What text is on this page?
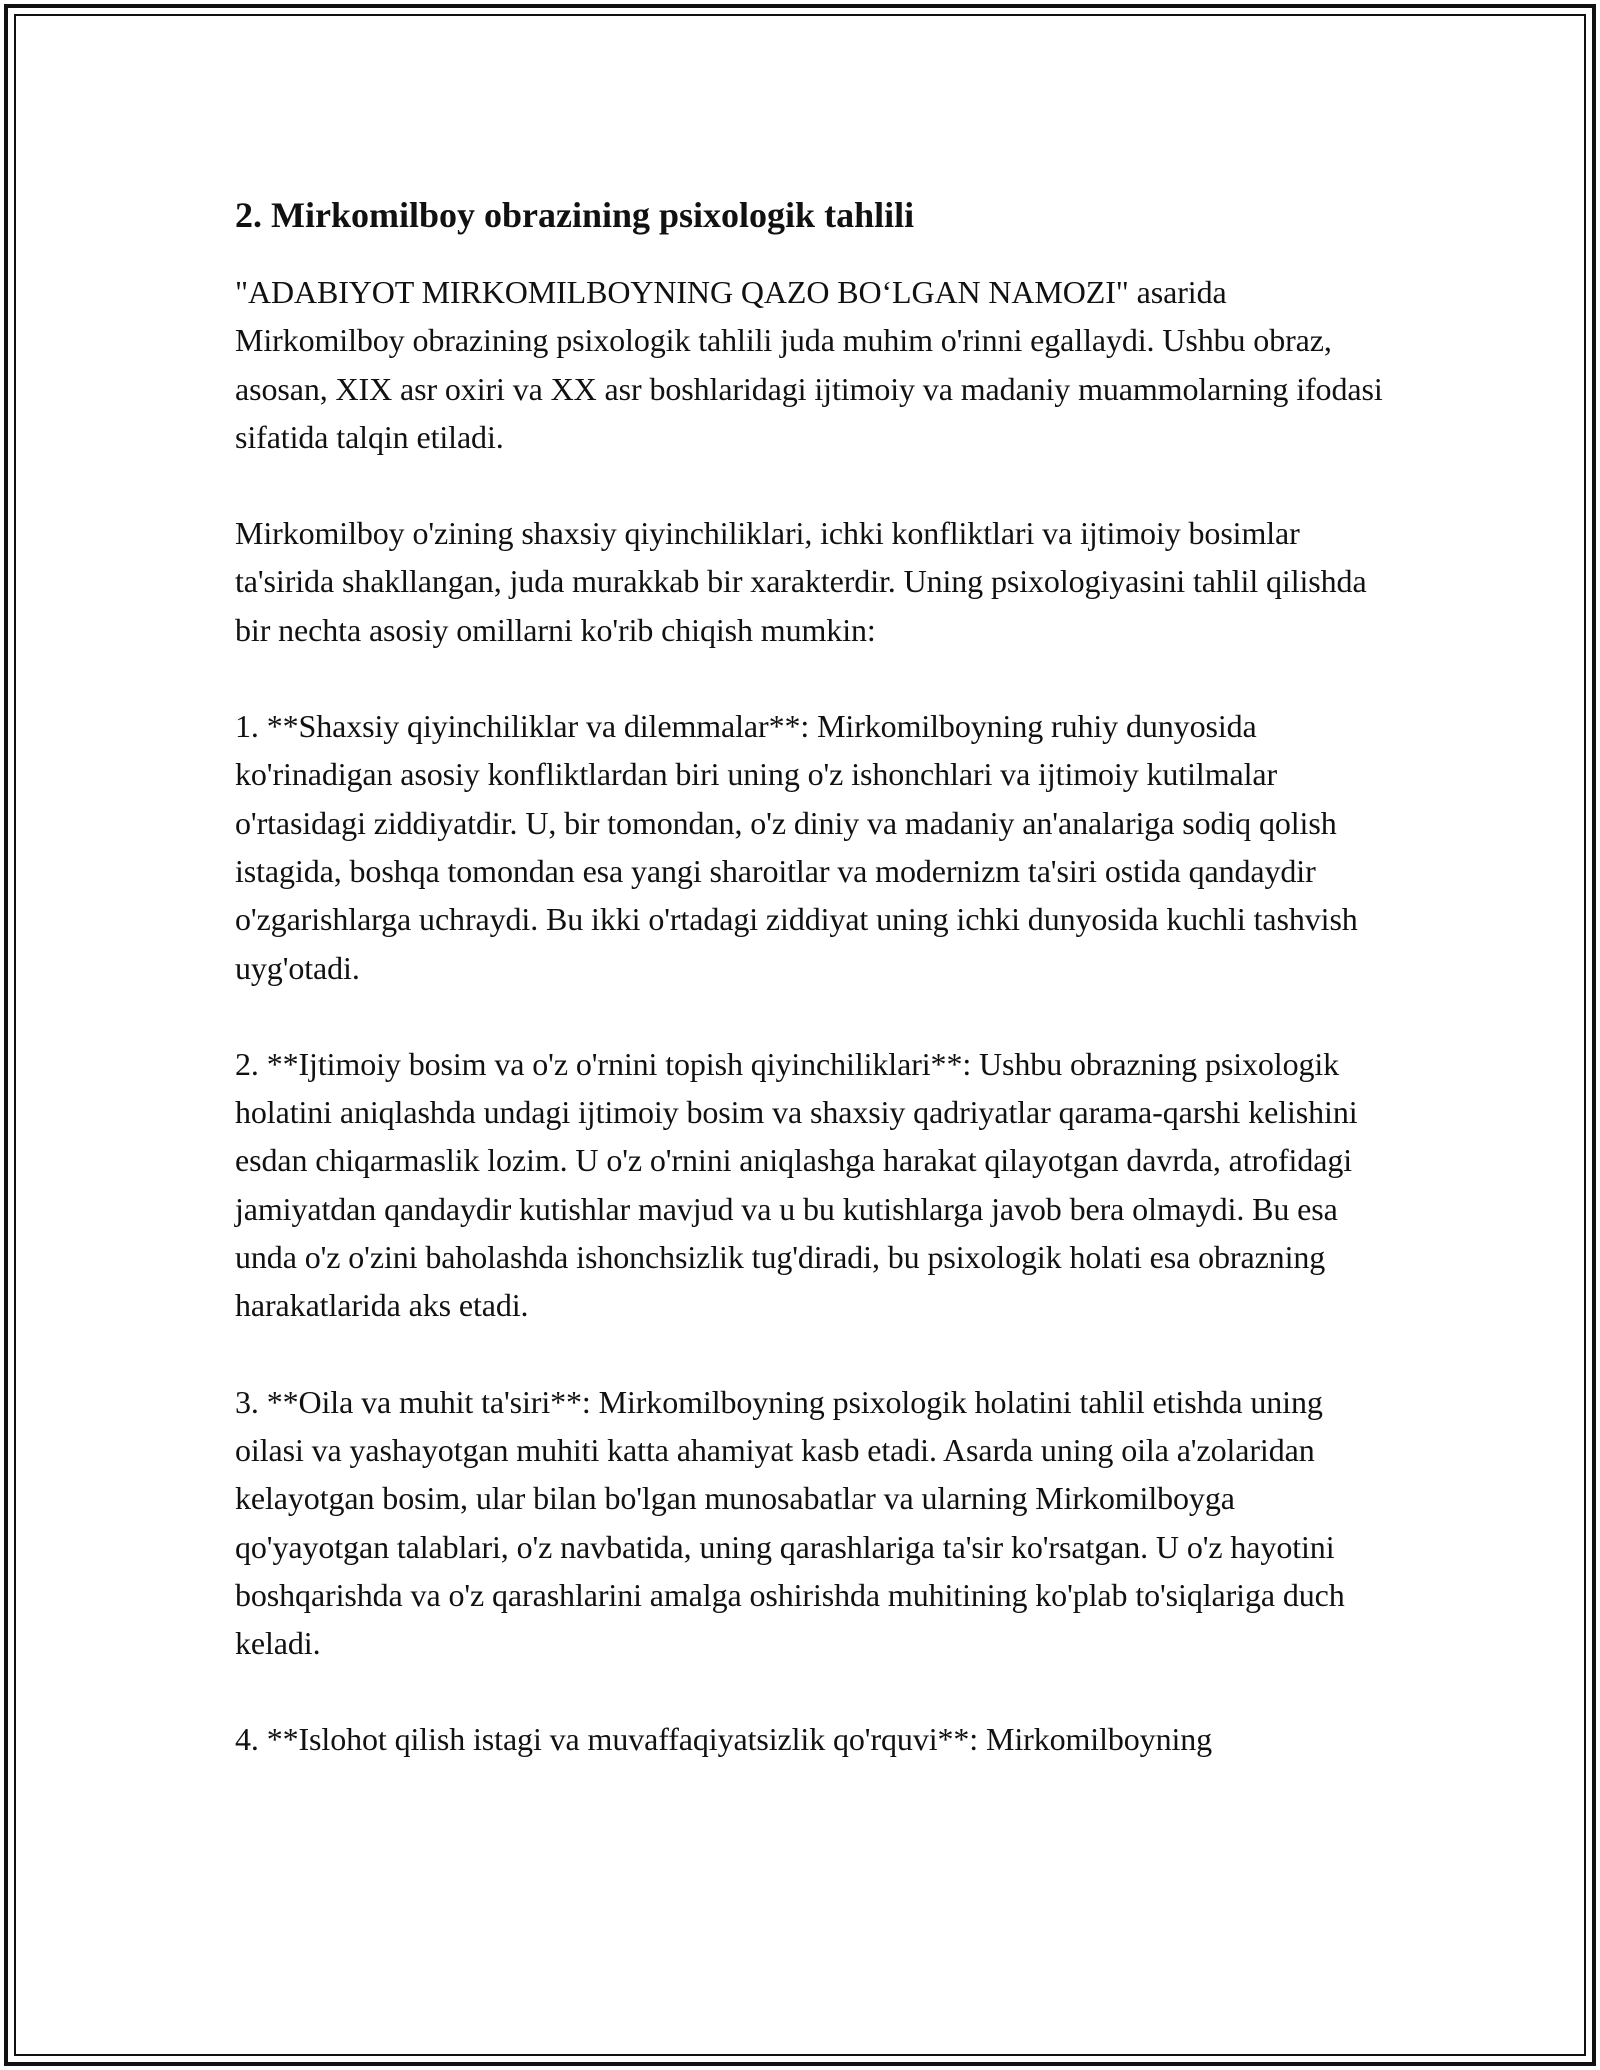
2. Mirkomilboy obrazining psixologik tahlili

"ADABIYOT MIRKOMILBOYNING QAZO BO‘LGAN NAMOZI" asarida Mirkomilboy obrazining psixologik tahlili juda muhim o'rinni egallaydi. Ushbu obraz, asosan, XIX asr oxiri va XX asr boshlaridagi ijtimoiy va madaniy muammolarning ifodasi sifatida talqin etiladi.

Mirkomilboy o'zining shaxsiy qiyinchiliklari, ichki konfliktlari va ijtimoiy bosimlar ta'sirida shakllangan, juda murakkab bir xarakterdir. Uning psixologiyasini tahlil qilishda bir nechta asosiy omillarni ko'rib chiqish mumkin:

1. **Shaxsiy qiyinchiliklar va dilemmalar**: Mirkomilboyning ruhiy dunyosida ko'rinadigan asosiy konfliktlardan biri uning o'z ishonchlari va ijtimoiy kutilmalar o'rtasidagi ziddiyatdir. U, bir tomondan, o'z diniy va madaniy an'analariga sodiq qolish istagida, boshqa tomondan esa yangi sharoitlar va modernizm ta'siri ostida qandaydir o'zgarishlarga uchraydi. Bu ikki o'rtadagi ziddiyat uning ichki dunyosida kuchli tashvish uyg'otadi.

2. **Ijtimoiy bosim va o'z o'rnini topish qiyinchiliklari**: Ushbu obrazning psixologik holatini aniqlashda undagi ijtimoiy bosim va shaxsiy qadriyatlar qarama-qarshi kelishini esdan chiqarmaslik lozim. U o'z o'rnini aniqlashga harakat qilayotgan davrda, atrofidagi jamiyatdan qandaydir kutishlar mavjud va u bu kutishlarga javob bera olmaydi. Bu esa unda o'z o'zini baholashda ishonchsizlik tug'diradi, bu psixologik holati esa obrazning harakatlarida aks etadi.

3. **Oila va muhit ta'siri**: Mirkomilboyning psixologik holatini tahlil etishda uning oilasi va yashayotgan muhiti katta ahamiyat kasb etadi. Asarda uning oila a'zolaridan kelayotgan bosim, ular bilan bo'lgan munosabatlar va ularning Mirkomilboyga qo'yayotgan talablari, o'z navbatida, uning qarashlariga ta'sir ko'rsatgan. U o'z hayotini boshqarishda va o'z qarashlarini amalga oshirishda muhitining ko'plab to'siqlariga duch keladi.

4. **Islohot qilish istagi va muvaffaqiyatsizlik qo'rquvi**: Mirkomilboyning
